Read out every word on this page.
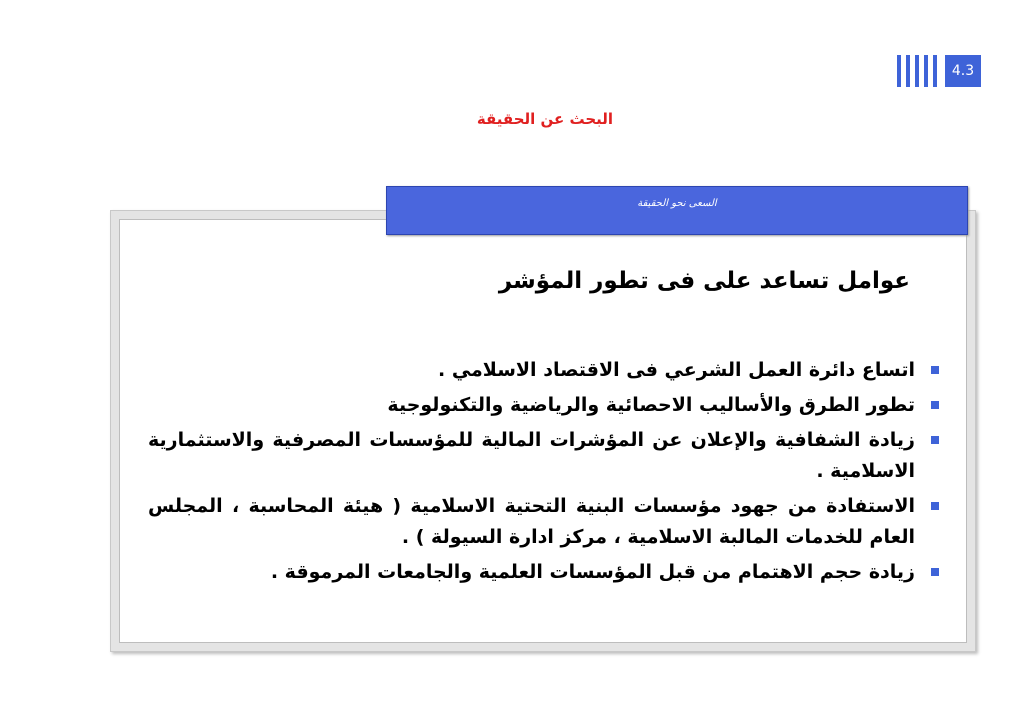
4.3
البحث عن الحقيقة
السعى نحو الحقيقة
عوامل تساعد على فى تطور المؤشر
اتساع دائرة العمل الشرعي فى الاقتصاد الاسلامي .
تطور الطرق والأساليب الاحصائية والرياضية والتكنولوجية
زيادة الشفافية والإعلان عن المؤشرات المالية للمؤسسات المصرفية والاستثمارية الاسلامية .
الاستفادة من جهود مؤسسات البنية التحتية الاسلامية ( هيئة المحاسبة ، المجلس العام للخدمات المالبة الاسلامية ، مركز ادارة السيولة ) .
زيادة حجم الاهتمام من قبل المؤسسات العلمية والجامعات المرموقة .
